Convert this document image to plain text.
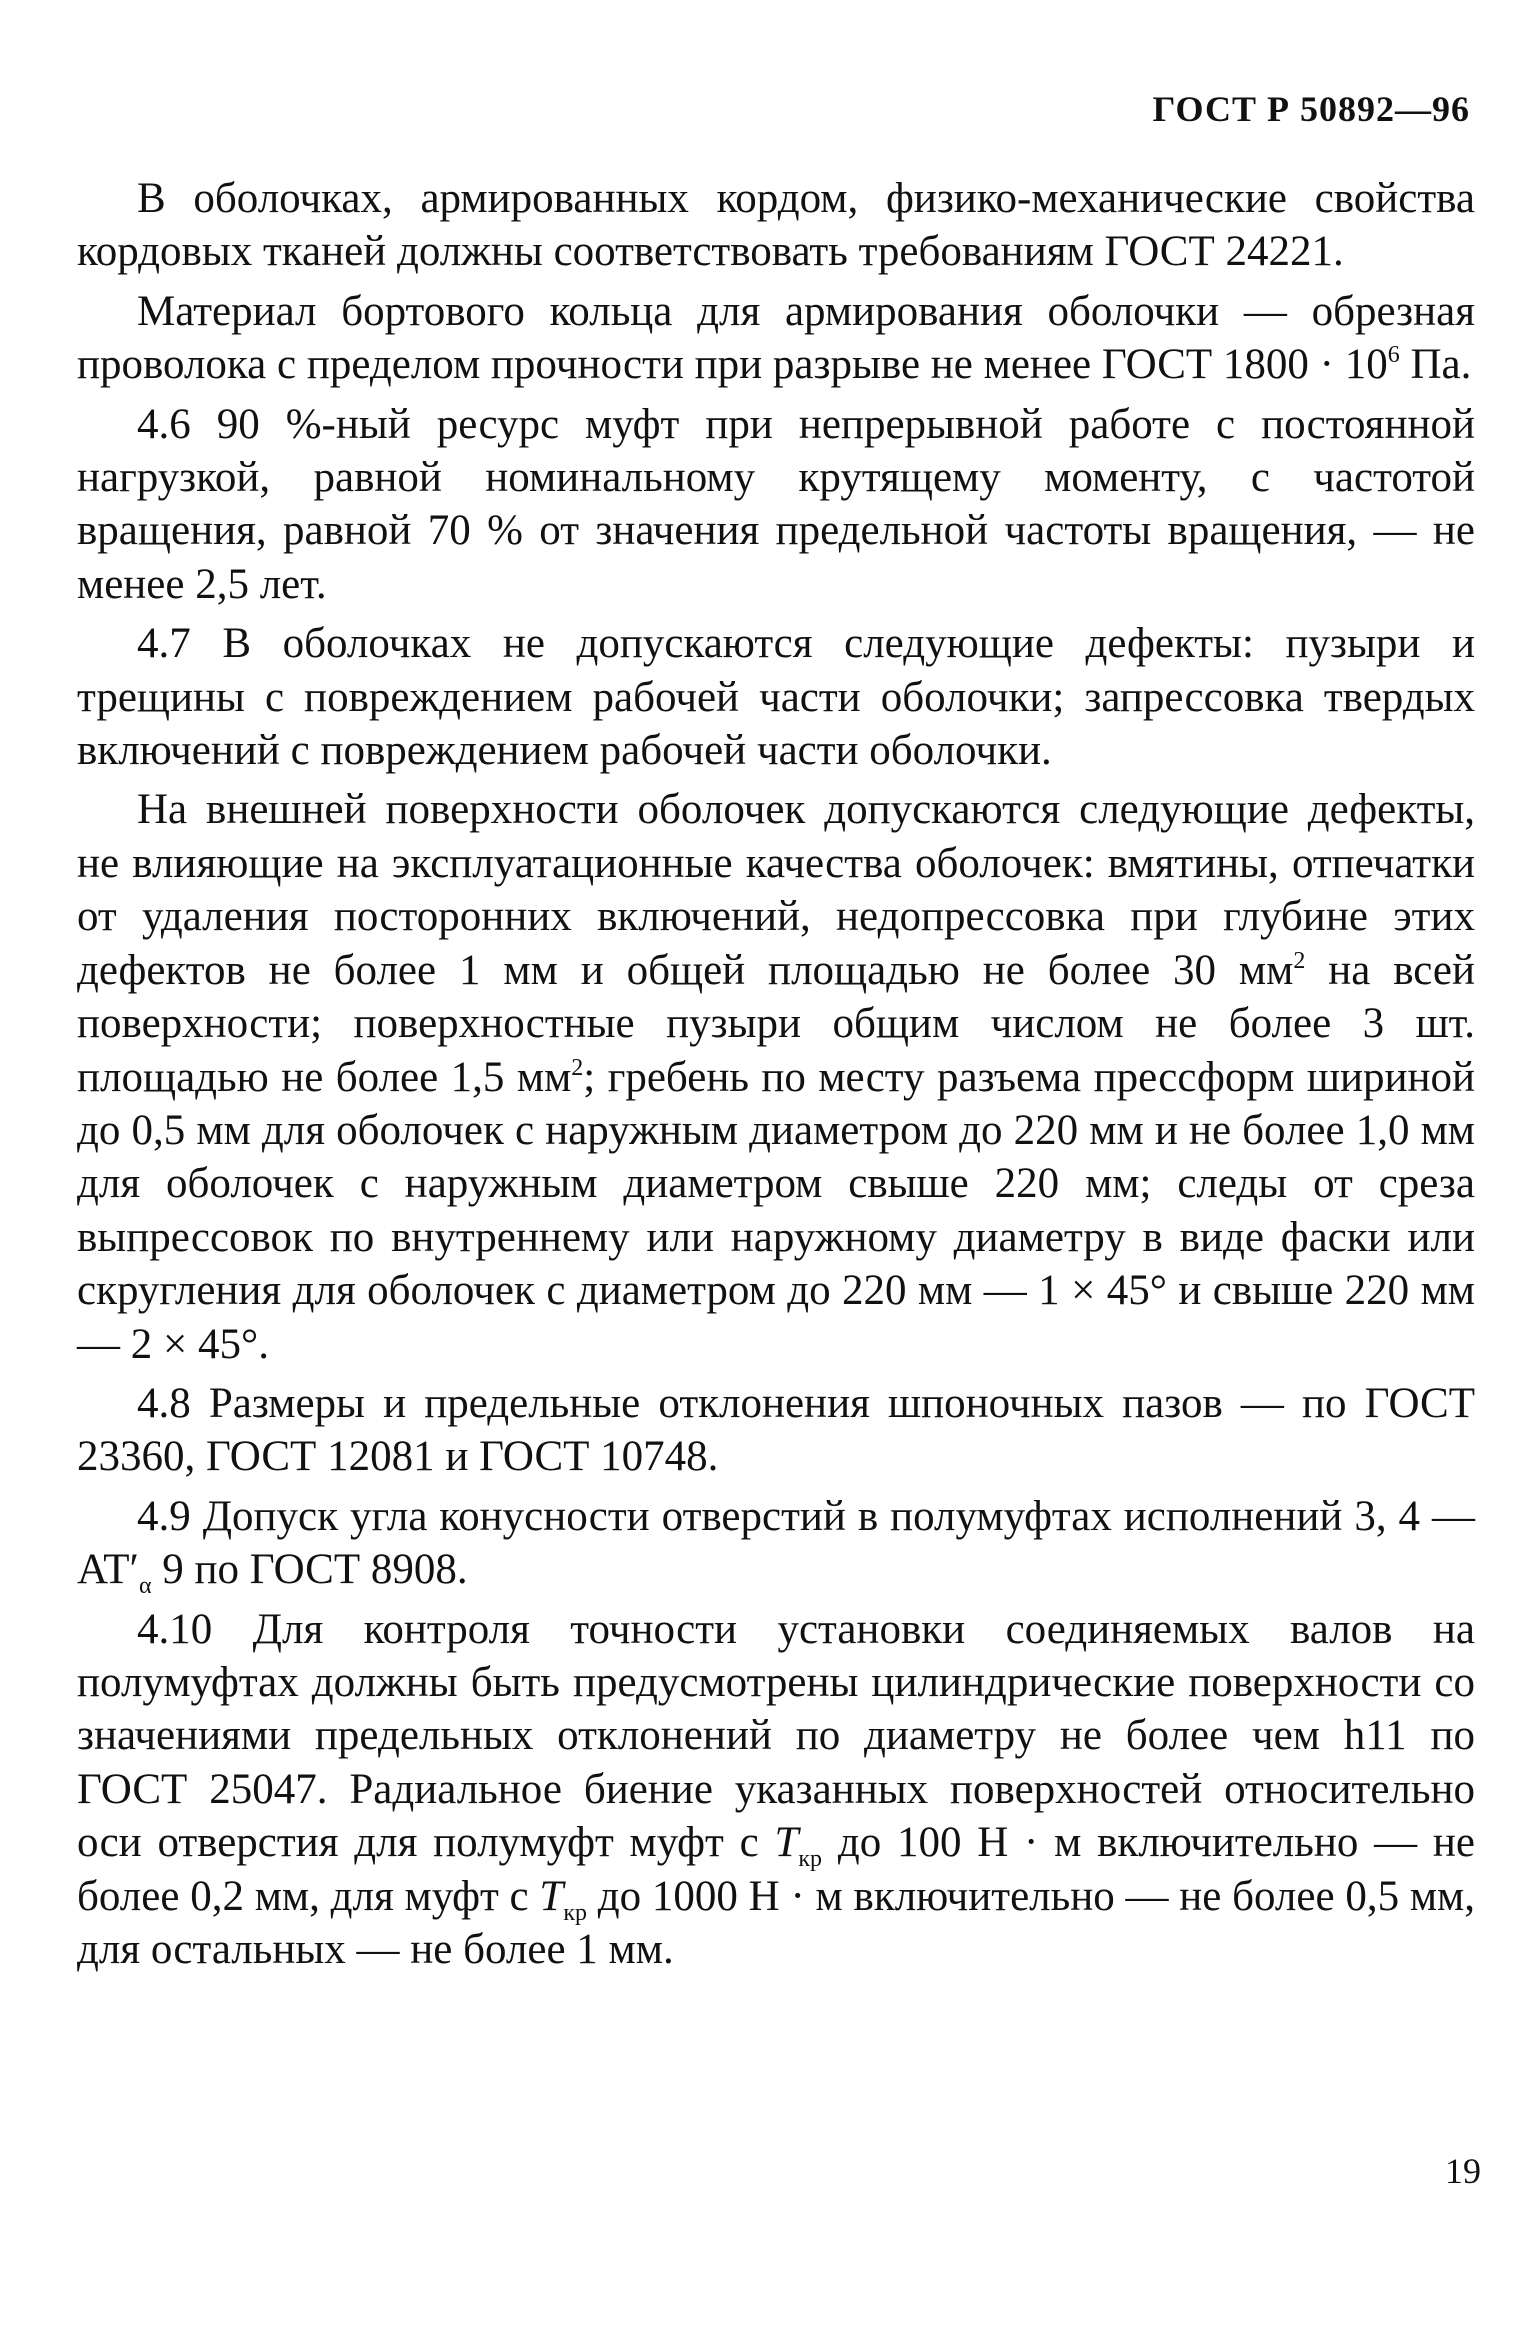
ГОСТ Р 50892—96

В оболочках, армированных кордом, физико-механические свойства кордовых тканей должны соответствовать требованиям ГОСТ 24221.

Материал бортового кольца для армирования оболочки — обрезная проволока с пределом прочности при разрыве не менее ГОСТ $1800 \cdot 10^6$ Па.

4.6 90 %-ный ресурс муфт при непрерывной работе с постоянной нагрузкой, равной номинальному крутящему моменту, с частотой вращения, равной 70 % от значения предельной частоты вращения, — не менее 2,5 лет.

4.7 В оболочках не допускаются следующие дефекты: пузыри и трещины с повреждением рабочей части оболочки; запрессовка твердых включений с повреждением рабочей части оболочки.

На внешней поверхности оболочек допускаются следующие дефекты, не влияющие на эксплуатационные качества оболочек: вмятины, отпечатки от удаления посторонних включений, недопрессовка при глубине этих дефектов не более 1 мм и общей площадью не более 30 $мм^2$ на всей поверхности; поверхностные пузыри общим числом не более 3 шт. площадью не более 1,5 $мм^2$; гребень по месту разъема прессформ шириной до 0,5 мм для оболочек с наружным диаметром до 220 мм и не более 1,0 мм для оболочек с наружным диаметром свыше 220 мм; следы от среза выпрессовок по внутреннему или наружному диаметру в виде фаски или скругления для оболочек с диаметром до 220 мм — 1 × 45° и свыше 220 мм — 2 × 45°.

4.8 Размеры и предельные отклонения шпоночных пазов — по ГОСТ 23360, ГОСТ 12081 и ГОСТ 10748.

4.9 Допуск угла конусности отверстий в полумуфтах исполнений 3, 4 — $AT'_\alpha$ 9 по ГОСТ 8908.

4.10 Для контроля точности установки соединяемых валов на полумуфтах должны быть предусмотрены цилиндрические поверхности со значениями предельных отклонений по диаметру не более чем h11 по ГОСТ 25047. Радиальное биение указанных поверхностей относительно оси отверстия для полумуфт муфт с $T_{кр}$ до 100 Н · м включительно — не более 0,2 мм, для муфт с $T_{кр}$ до 1000 Н · м включительно — не более 0,5 мм, для остальных — не более 1 мм.

19
